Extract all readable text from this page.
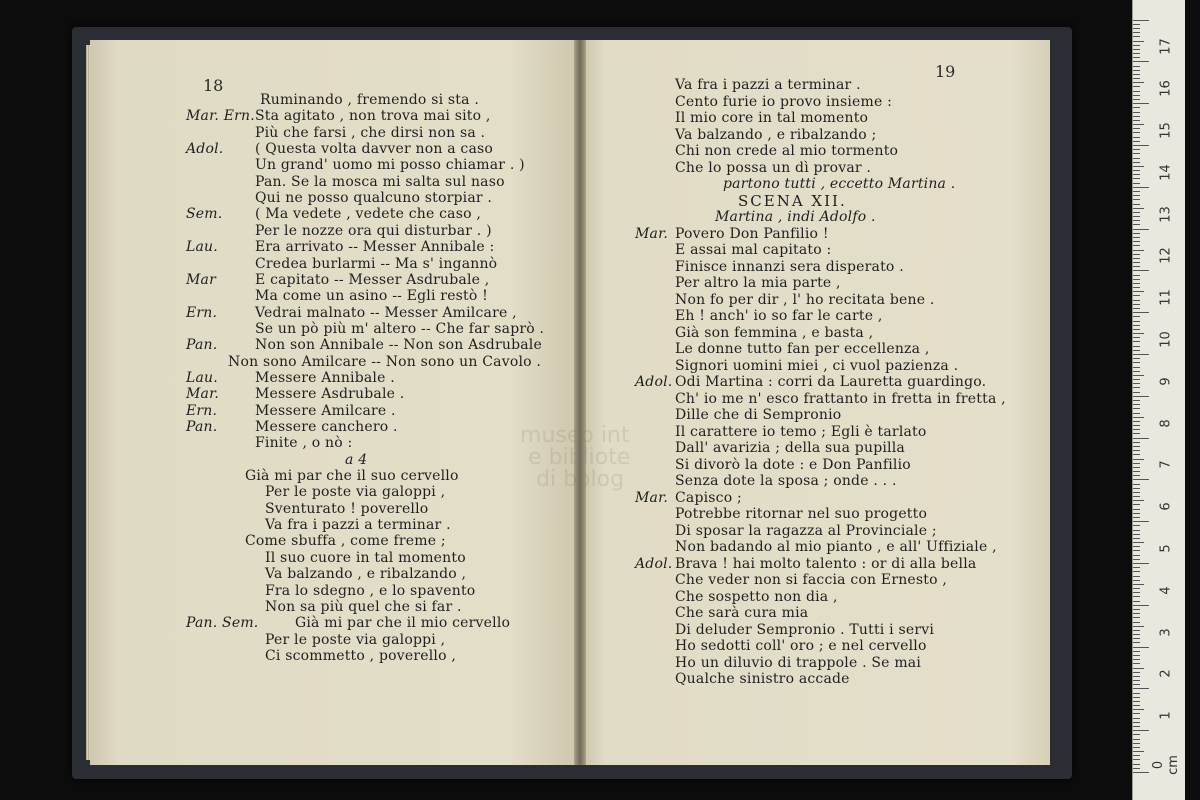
18
Ruminando , fremendo si sta .
Mar. Ern. Sta agitato , non trova mai sito ,
Più che farsi , che dirsi non sa .
Adol. ( Questa volta davver non a caso
Un grand' uomo mi posso chiamar . )
Pan. Se la mosca mi salta sul naso
Qui ne posso qualcuno storpiar .
Sem. ( Ma vedete , vedete che caso ,
Per le nozze ora qui disturbar . )
Lau.	Era arrivato -- Messer Annibale :
Credea burlarmi -- Ma s' ingannò
Mar	E capitato -- Messer Asdrubale ,
Ma come un asino -- Egli restò !
Ern.	Vedrai malnato -- Messer Amilcare ,
Se un pò più m' altero -- Che far saprò .
Pan.	Non son Annibale -- Non son Asdrubale
Non sono Amilcare -- Non sono un Cavolo .
Lau.	Messere Annibale .
Mar.	Messere Asdrubale .
Ern.	Messere Amilcare .
Pan.	Messere canchero .
Finite , o nò :
a 4
Già mi par che il suo cervello
Per le poste via galoppi ,
Sventurato ! poverello
Va fra i pazzi a terminar .
Come sbuffa , come freme ;
Il suo cuore in tal momento
Va balzando , e ribalzando ,
Fra lo sdegno , e lo spavento
Non sa più quel che si far .
Pan. Sem.	Già mi par che il mio cervello
Per le poste via galoppi ,
Ci scommetto , poverello ,
19
Va fra i pazzi a terminar .
Cento furie io provo insieme :
Il mio core in tal momento
Va balzando , e ribalzando ;
Chi non crede al mio tormento
Che lo possa un dì provar .
partono tutti , eccetto Martina .
SCENA XII.
Martina , indi Adolfo .
Mar. Povero Don Panfilio !
E assai mal capitato :
Finisce innanzi sera disperato .
Per altro la mia parte ,
Non fo per dir , l' ho recitata bene .
Eh ! anch' io so far le carte ,
Già son femmina , e basta ,
Le donne tutto fan per eccellenza ,
Signori uomini miei , ci vuol pazienza .
Adol. Odi Martina : corri da Lauretta guardingo.
Ch' io me n' esco frattanto in fretta in fretta ,
Dille che di Sempronio
Il carattere io temo ; Egli è tarlato
Dall' avarizia ; della sua pupilla
Si divorò la dote : e Don Panfilio
Senza dote la sposa ; onde . . .
Mar. Capisco ;
Potrebbe ritornar nel suo progetto
Di sposar la ragazza al Provinciale ;
Non badando al mio pianto , e all' Uffiziale ,
Adol. Brava ! hai molto talento : or di alla bella
Che veder non si faccia con Ernesto ,
Che sospetto non dia ,
Che sarà cura mia
Di deluder Sempronio . Tutti i servi
Ho sedotti coll' oro ; e nel cervello
Ho un diluvio di trappole . Se mai
Qualche sinistro accade
museo int
e bibliote
di bolog
0 cm
1
2
3
4
5
6
7
8
9
10
11
12
13
14
15
16
17
